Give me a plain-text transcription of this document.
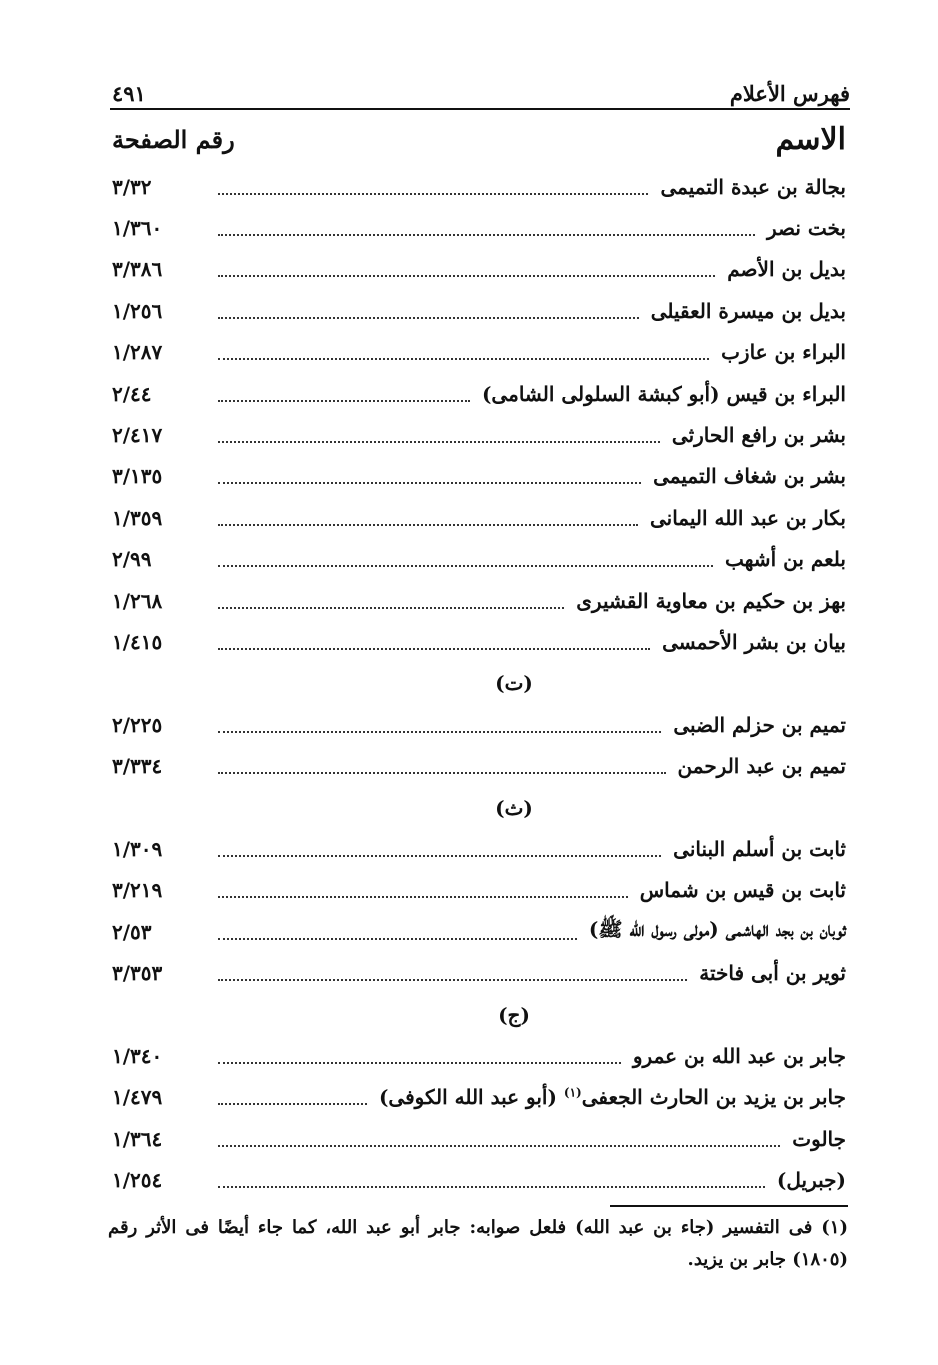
٤٩١	فهرس الأعلام
رقم الصفحة	الاسم
بجالة بن عبدة التميمى
٣/٣٢
بخت نصر
١/٣٦٠
بديل بن الأصم
٣/٣٨٦
بديل بن ميسرة العقيلى
١/٢٥٦
البراء بن عازب
١/٢٨٧
البراء بن قيس (أبو كبشة السلولى الشامى)
٢/٤٤
بشر بن رافع الحارثى
٢/٤١٧
بشر بن شغاف التميمى
٣/١٣٥
بكار بن عبد الله اليمانى
١/٣٥٩
بلعم بن أشهب
٢/٩٩
بهز بن حكيم بن معاوية القشيرى
١/٢٦٨
بيان بن بشر الأحمسى
١/٤١٥
(ت)
تميم بن حزلم الضبى
٢/٢٢٥
تميم بن عبد الرحمن
٣/٣٣٤
(ث)
ثابت بن أسلم البنانى
١/٣٠٩
ثابت بن قيس بن شماس
٣/٢١٩
ثوبان بن بجد الهاشمى (مولى رسول الله ﷺ)
٢/٥٣
ثوير بن أبى فاختة
٣/٣٥٣
(ج)
جابر بن عبد الله بن عمرو
١/٣٤٠
جابر بن يزيد بن الحارث الجعفى$^{(١)}$ (أبو عبد الله الكوفى)
١/٤٧٩
جالوت
١/٣٦٤
(جبريل)
١/٢٥٤
(١) فى التفسير (جاء بن عبد الله) فلعل صوابه: جابر أبو عبد الله، كما جاء أيضًا فى الأثر رقم (١٨٠٥) جابر بن يزيد.
